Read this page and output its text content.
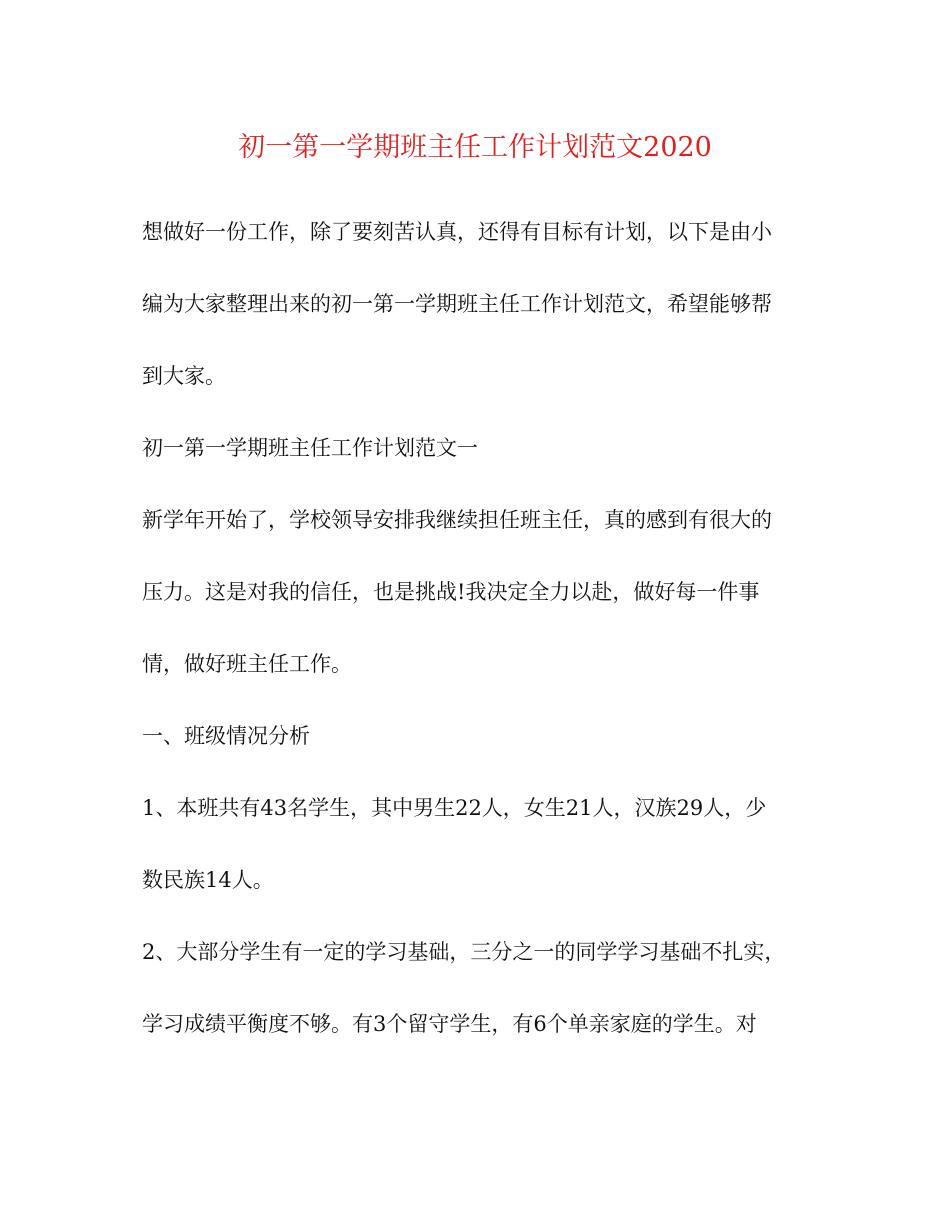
初一第一学期班主任工作计划范文2020
想做好一份工作，除了要刻苦认真，还得有目标有计划，以下是由小
编为大家整理出来的初一第一学期班主任工作计划范文，希望能够帮
到大家。
初一第一学期班主任工作计划范文一
新学年开始了，学校领导安排我继续担任班主任，真的感到有很大的
压力。这是对我的信任，也是挑战!我决定全力以赴，做好每一件事
情，做好班主任工作。
一、班级情况分析
1、本班共有43名学生，其中男生22人，女生21人，汉族29人，少
数民族14人。
2、大部分学生有一定的学习基础，三分之一的同学学习基础不扎实，
学习成绩平衡度不够。有3个留守学生，有6个单亲家庭的学生。对
